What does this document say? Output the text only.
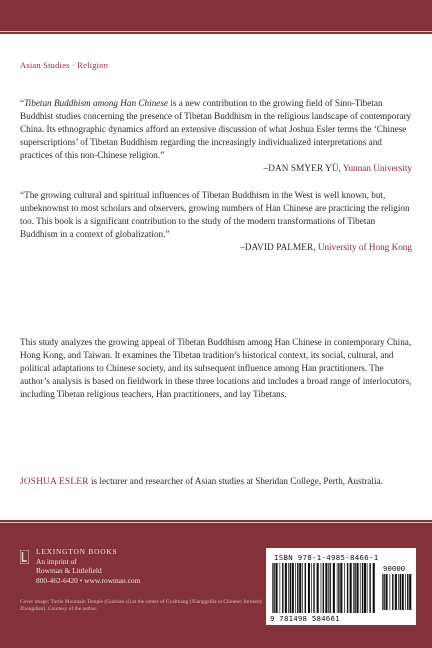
Asian Studies · Religion

“Tibetan Buddhism among Han Chinese is a new contribution to the growing field of Sino-Tibetan Buddhist studies concerning the presence of Tibetan Buddhism in the religious landscape of contemporary China. Its ethnographic dynamics afford an extensive discussion of what Joshua Esler terms the ‘Chinese superscriptions’ of Tibetan Buddhism regarding the increasingly individualized interpretations and practices of this non-Chinese religion.”

–DAN SMYER YÜ, Yunnan University

“The growing cultural and spiritual influences of Tibetan Buddhism in the West is well known, but, unbeknownst to most scholars and observers, growing numbers of Han Chinese are practicing the religion too. This book is a significant contribution to the study of the modern transformations of Tibetan Buddhism in a context of globalization.”

–DAVID PALMER, University of Hong Kong

This study analyzes the growing appeal of Tibetan Buddhism among Han Chinese in contemporary China, Hong Kong, and Taiwan. It examines the Tibetan tradition’s historical context, its social, cultural, and political adaptations to Chinese society, and its subsequent influence among Han practitioners. The author’s analysis is based on fieldwork in these three locations and includes a broad range of interlocutors, including Tibetan religious teachers, Han practitioners, and lay Tibetans.
JOSHUA ESLER is lecturer and researcher of Asian studies at Sheridan College, Perth, Australia.
LEXINGTON BOOKS
An imprint of
Rowman & Littlefield
800-462-6420 • www.rowman.com
Cover image: Turtle Mountain Temple (Guishan si) at the center of Gyalthang (Xianggelila in Chinese; formerly Zhongdian). Courtesy of the author.
ISBN 978-1-4985-8466-1
90000
9 781498 584661
